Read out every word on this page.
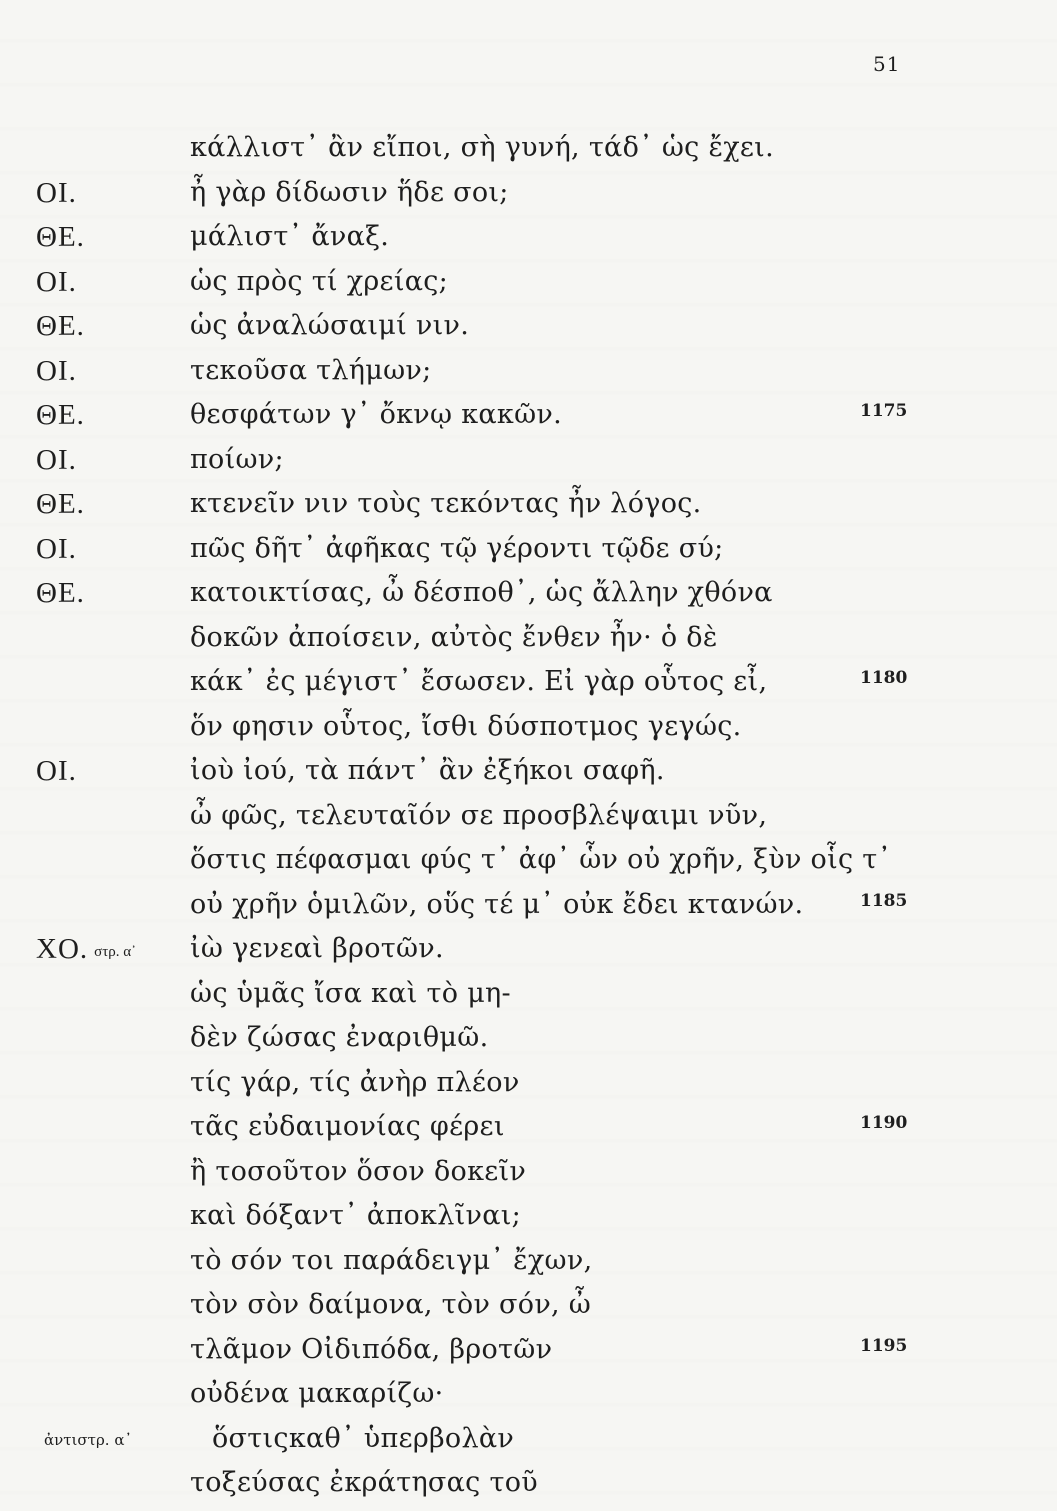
51
κάλλιστ᾽ ἂν εἴποι, σὴ γυνή, τάδ᾽ ὡς ἔχει.
ΟΙ.	ἦ γὰρ δίδωσιν ἥδε σοι;
ΘΕ.	μάλιστ᾽ ἄναξ.
ΟΙ.	ὡς πρὸς τί χρείας;
ΘΕ.	ὡς ἀναλώσαιμί νιν.
ΟΙ.	τεκοῦσα τλήμων;
ΘΕ.	θεσφάτων γ᾽ ὄκνῳ κακῶν.	1175
ΟΙ.	ποίων;
ΘΕ.	κτενεῖν νιν τοὺς τεκόντας ἦν λόγος.
ΟΙ.	πῶς δῆτ᾽ ἀφῆκας τῷ γέροντι τῷδε σύ;
ΘΕ.	κατοικτίσας, ὦ δέσποθ᾽, ὡς ἄλλην χθόνα
δοκῶν ἀποίσειν, αὐτὸς ἔνθεν ἦν· ὁ δὲ
κάκ᾽ ἐς μέγιστ᾽ ἔσωσεν. Εἰ γὰρ οὗτος εἶ,	1180
ὅν φησιν οὗτος, ἴσθι δύσποτμος γεγώς.
ΟΙ.	ἰοὺ ἰού, τὰ πάντ᾽ ἂν ἐξήκοι σαφῆ.
ὦ φῶς, τελευταῖόν σε προσβλέψαιμι νῦν,
ὅστις πέφασμαι φύς τ᾽ ἀφ᾽ ὧν οὐ χρῆν, ξὺν οἷς τ᾽
οὐ χρῆν ὁμιλῶν, οὕς τέ μ᾽ οὐκ ἔδει κτανών.	1185
ΧΟ. στρ. α᾽ ἰὼ γενεαὶ βροτῶν.
ὡς ὑμᾶς ἴσα καὶ τὸ μη-
δὲν ζώσας ἐναριθμῶ.
τίς γάρ, τίς ἀνὴρ πλέον
τᾶς εὐδαιμονίας φέρει	1190
ἢ τοσοῦτον ὅσον δοκεῖν
καὶ δόξαντ᾽ ἀποκλῖναι;
τὸ σόν τοι παράδειγμ᾽ ἔχων,
τὸν σὸν δαίμονα, τὸν σόν, ὦ
τλᾶμον Οἰδιπόδα, βροτῶν	1195
οὐδένα μακαρίζω·
ἀντιστρ. α᾽	ὅστιςκαθ᾽ ὑπερβολὰν
τοξεύσας ἐκράτησας τοῦ
